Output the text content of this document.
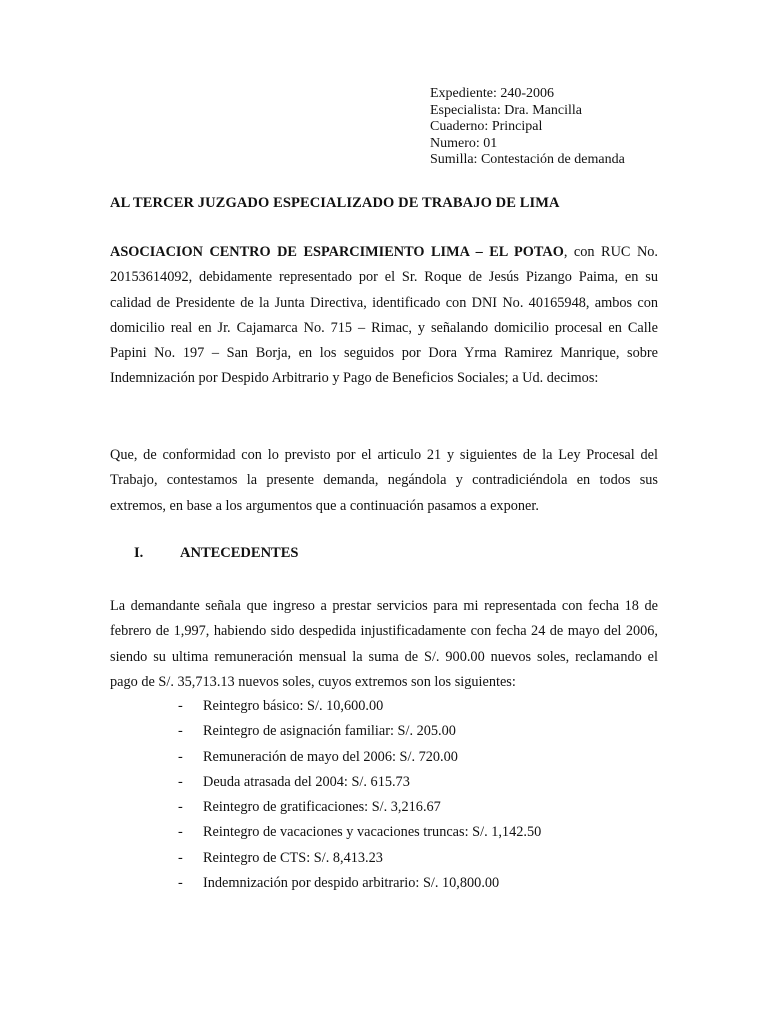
Expediente: 240-2006
Especialista: Dra. Mancilla
Cuaderno: Principal
Numero: 01
Sumilla: Contestación de demanda
AL TERCER JUZGADO ESPECIALIZADO DE TRABAJO DE LIMA

ASOCIACION CENTRO DE ESPARCIMIENTO LIMA – EL POTAO, con RUC No. 20153614092, debidamente representado por el Sr. Roque de Jesús Pizango Paima, en su calidad de Presidente de la Junta Directiva, identificado con DNI No. 40165948, ambos con domicilio real en Jr. Cajamarca No. 715 – Rimac, y señalando domicilio procesal en Calle Papini No. 197 – San Borja, en los seguidos por Dora Yrma Ramirez Manrique, sobre Indemnización por Despido Arbitrario y Pago de Beneficios Sociales; a Ud. decimos:

Que, de conformidad con lo previsto por el articulo 21 y siguientes de la Ley Procesal del Trabajo, contestamos la presente demanda, negándola y contradiciéndola en todos sus extremos, en base a los argumentos que a continuación pasamos a exponer.

I.	ANTECEDENTES

La demandante señala que ingreso a prestar servicios para mi representada con fecha 18 de febrero de 1,997, habiendo sido despedida injustificadamente con fecha 24 de mayo del 2006, siendo su ultima remuneración mensual la suma de S/. 900.00 nuevos soles, reclamando el pago de S/. 35,713.13 nuevos soles, cuyos extremos son los siguientes:

- Reintegro básico: S/. 10,600.00
- Reintegro de asignación familiar: S/. 205.00
- Remuneración de mayo del 2006: S/. 720.00
- Deuda atrasada del 2004: S/. 615.73
- Reintegro de gratificaciones: S/. 3,216.67
- Reintegro de vacaciones y vacaciones truncas: S/. 1,142.50
- Reintegro de CTS: S/. 8,413.23
- Indemnización por despido arbitrario: S/. 10,800.00
